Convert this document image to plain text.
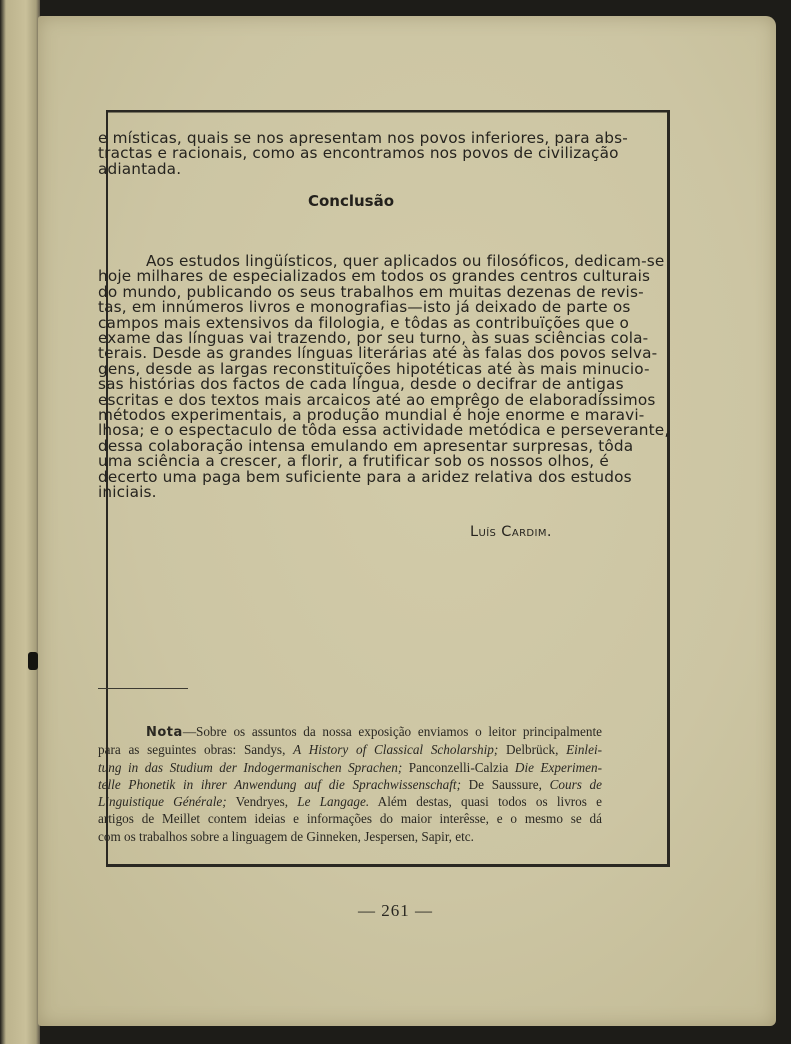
e místicas, quais se nos apresentam nos povos inferiores, para abs-
tractas e racionais, como as encontramos nos povos de civilização
adiantada.
Conclusão
Aos estudos lingüísticos, quer aplicados ou filosóficos, dedicam-se
hoje milhares de especializados em todos os grandes centros culturais
do mundo, publicando os seus trabalhos em muitas dezenas de revis-
tas, em innúmeros livros e monografias—isto já deixado de parte os
campos mais extensivos da filologia, e tôdas as contribuïções que o
exame das línguas vai trazendo, por seu turno, às suas sciências cola-
terais. Desde as grandes línguas literárias até às falas dos povos selva-
gens, desde as largas reconstituïções hipotéticas até às mais minucio-
sas histórias dos factos de cada língua, desde o decifrar de antigas
escritas e dos textos mais arcaicos até ao emprêgo de elaboradíssimos
métodos experimentais, a produção mundial é hoje enorme e maravi-
lhosa; e o espectaculo de tôda essa actividade metódica e perseverante,
dessa colaboração intensa emulando em apresentar surpresas, tôda
uma sciência a crescer, a florir, a frutificar sob os nossos olhos, é
decerto uma paga bem suficiente para a aridez relativa dos estudos
iniciais.
Luís Cardim.
Nota—Sobre os assuntos da nossa exposição enviamos o leitor principalmente
para as seguintes obras: Sandys, A History of Classical Scholarship; Delbrück, Einlei-
tung in das Studium der Indogermanischen Sprachen; Panconzelli-Calzia Die Experimen-
telle Phonetik in ihrer Anwendung auf die Sprachwissenschaft; De Saussure, Cours de
Linguistique Générale; Vendryes, Le Langage. Além destas, quasi todos os livros e
artigos de Meillet contem ideias e informações do maior interêsse, e o mesmo se dá
com os trabalhos sobre a linguagem de Ginneken, Jespersen, Sapir, etc.
— 261 —
